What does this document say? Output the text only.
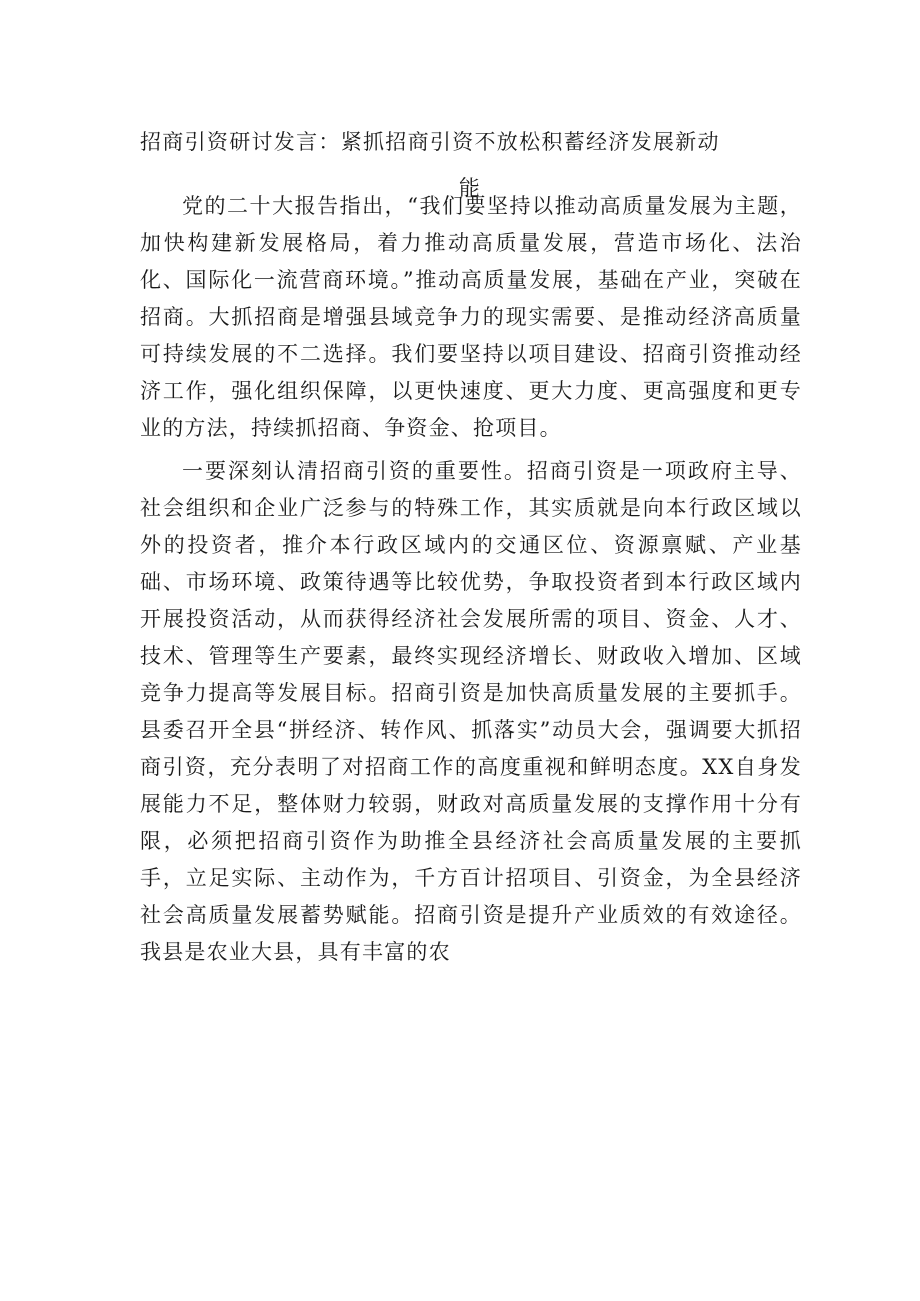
招商引资研讨发言：紧抓招商引资不放松积蓄经济发展新动
能

党的二十大报告指出，“我们要坚持以推动高质量发展为主题，加快构建新发展格局，着力推动高质量发展，营造市场化、法治化、国际化一流营商环境。”推动高质量发展，基础在产业，突破在招商。大抓招商是增强县域竞争力的现实需要、是推动经济高质量可持续发展的不二选择。我们要坚持以项目建设、招商引资推动经济工作，强化组织保障，以更快速度、更大力度、更高强度和更专业的方法，持续抓招商、争资金、抢项目。

一要深刻认清招商引资的重要性。招商引资是一项政府主导、社会组织和企业广泛参与的特殊工作，其实质就是向本行政区域以外的投资者，推介本行政区域内的交通区位、资源禀赋、产业基础、市场环境、政策待遇等比较优势，争取投资者到本行政区域内开展投资活动，从而获得经济社会发展所需的项目、资金、人才、技术、管理等生产要素，最终实现经济增长、财政收入增加、区域竞争力提高等发展目标。招商引资是加快高质量发展的主要抓手。县委召开全县“拼经济、转作风、抓落实”动员大会，强调要大抓招商引资，充分表明了对招商工作的高度重视和鲜明态度。XX自身发展能力不足，整体财力较弱，财政对高质量发展的支撑作用十分有限，必须把招商引资作为助推全县经济社会高质量发展的主要抓手，立足实际、主动作为，千方百计招项目、引资金，为全县经济社会高质量发展蓄势赋能。招商引资是提升产业质效的有效途径。我县是农业大县，具有丰富的农
